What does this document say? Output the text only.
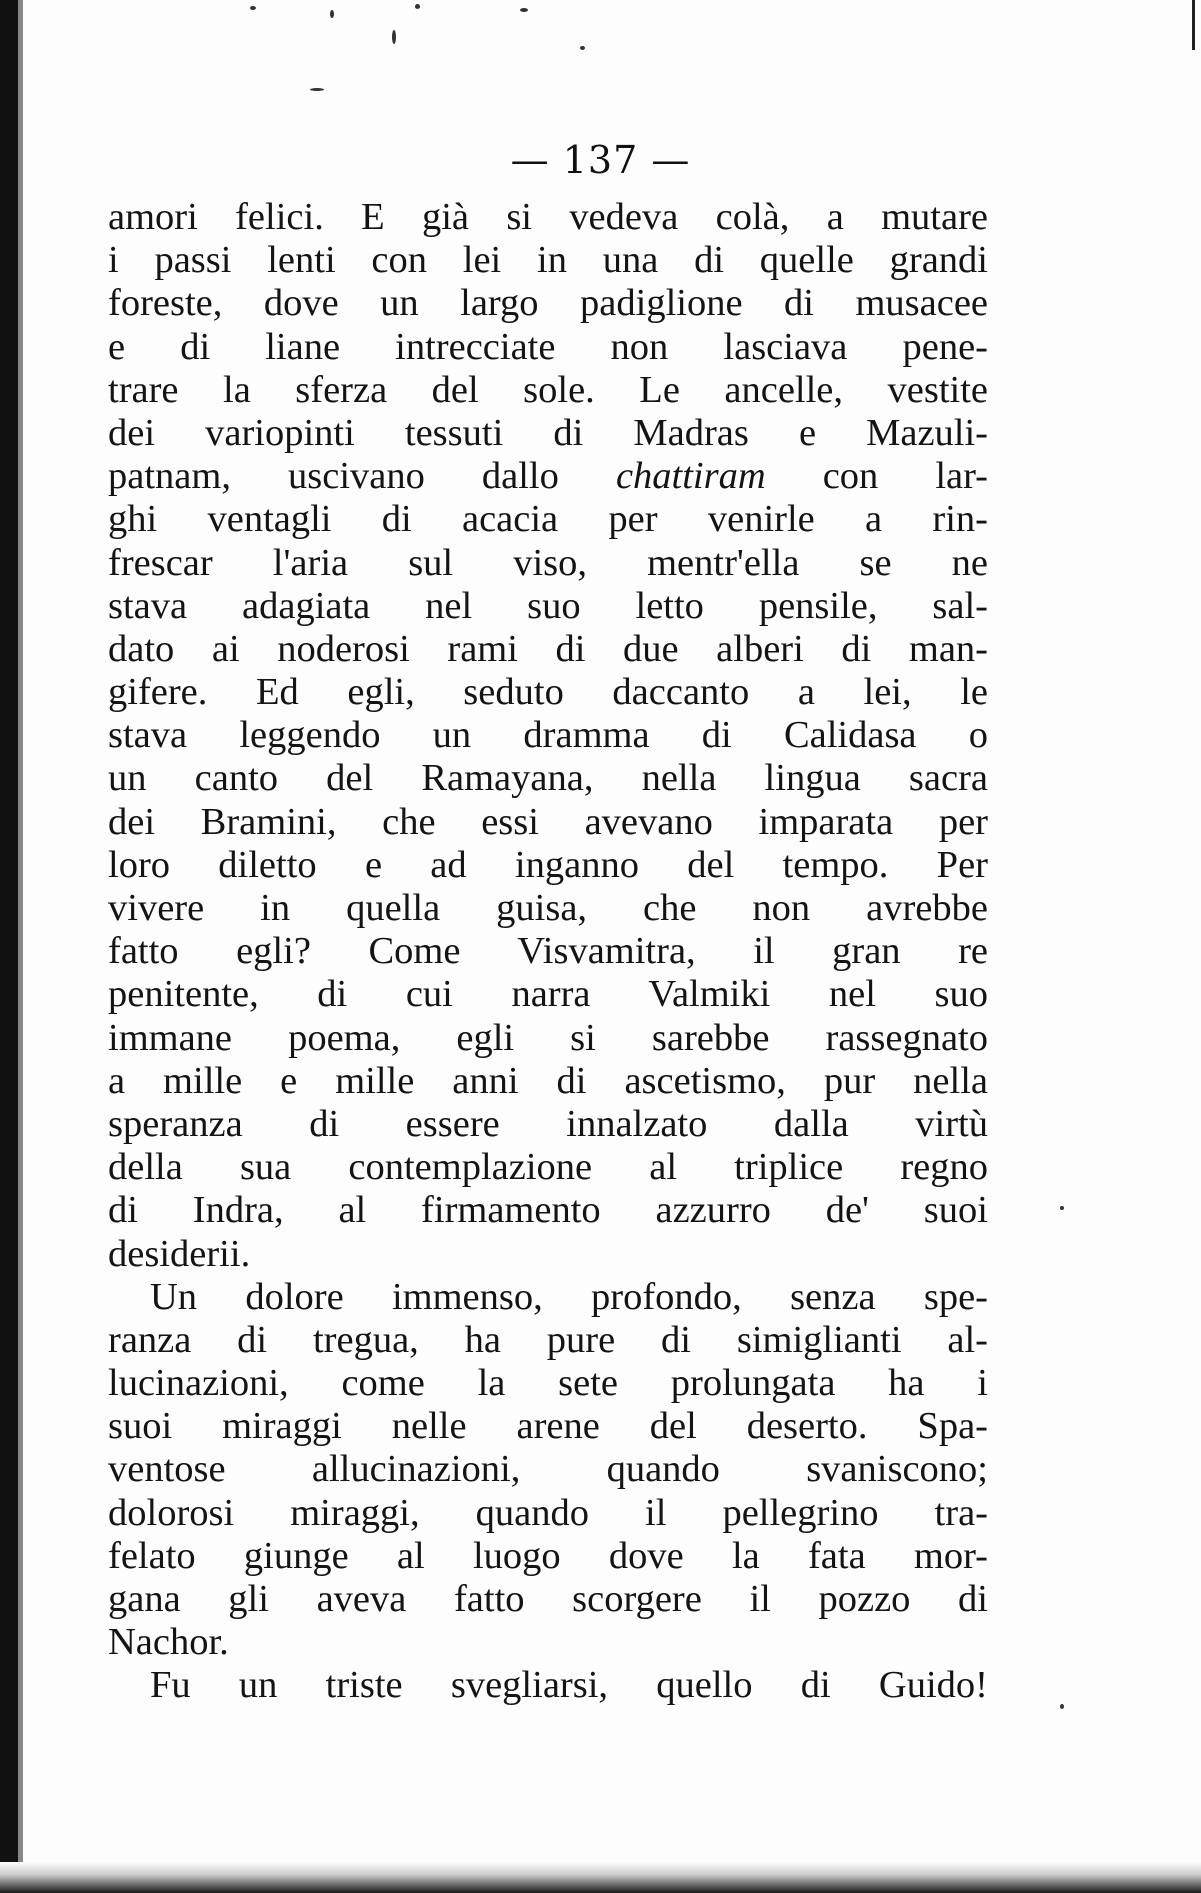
— 137 —
amori felici. E già si vedeva colà, a mutare
i passi lenti con lei in una di quelle grandi
foreste, dove un largo padiglione di musacee
e di liane intrecciate non lasciava pene-
trare la sferza del sole. Le ancelle, vestite
dei variopinti tessuti di Madras e Mazuli-
patnam, uscivano dallo chattiram con lar-
ghi ventagli di acacia per venirle a rin-
frescar l'aria sul viso, mentr'ella se ne
stava adagiata nel suo letto pensile, sal-
dato ai noderosi rami di due alberi di man-
gifere. Ed egli, seduto daccanto a lei, le
stava leggendo un dramma di Calidasa o
un canto del Ramayana, nella lingua sacra
dei Bramini, che essi avevano imparata per
loro diletto e ad inganno del tempo. Per
vivere in quella guisa, che non avrebbe
fatto egli? Come Visvamitra, il gran re
penitente, di cui narra Valmiki nel suo
immane poema, egli si sarebbe rassegnato
a mille e mille anni di ascetismo, pur nella
speranza di essere innalzato dalla virtù
della sua contemplazione al triplice regno
di Indra, al firmamento azzurro de' suoi
desiderii.
Un dolore immenso, profondo, senza spe-
ranza di tregua, ha pure di simiglianti al-
lucinazioni, come la sete prolungata ha i
suoi miraggi nelle arene del deserto. Spa-
ventose allucinazioni, quando svaniscono;
dolorosi miraggi, quando il pellegrino tra-
felato giunge al luogo dove la fata mor-
gana gli aveva fatto scorgere il pozzo di
Nachor.
Fu un triste svegliarsi, quello di Guido!
